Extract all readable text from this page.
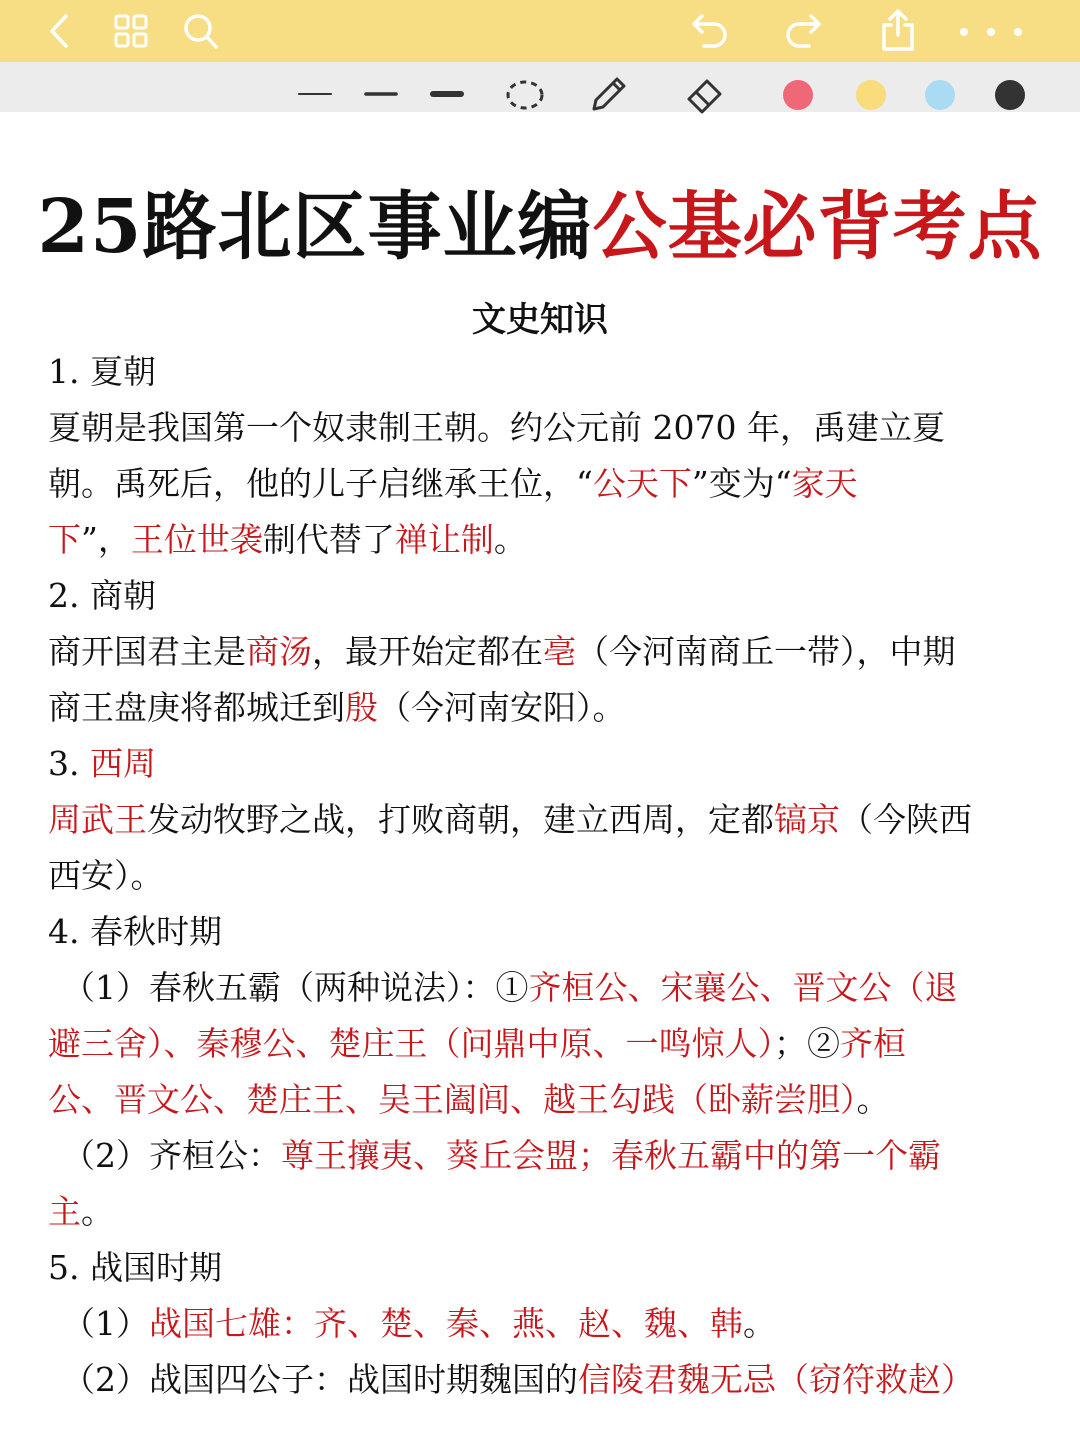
25路北区事业编公基必背考点
文史知识

1. 夏朝

夏朝是我国第一个奴隶制王朝。约公元前 2070 年，禹建立夏
朝。禹死后，他的儿子启继承王位，“公天下”变为“家天
下”，王位世袭制代替了禅让制。

2. 商朝

商开国君主是商汤，最开始定都在亳（今河南商丘一带），中期
商王盘庚将都城迁到殷（今河南安阳）。

3. 西周

周武王发动牧野之战，打败商朝，建立西周，定都镐京（今陕西
西安）。

4. 春秋时期

（1）春秋五霸（两种说法）：①齐桓公、宋襄公、晋文公（退

避三舍）、秦穆公、楚庄王（问鼎中原、一鸣惊人）；②齐桓
公、晋文公、楚庄王、吴王阖闾、越王勾践（卧薪尝胆）。

（2）齐桓公：尊王攘夷、葵丘会盟；春秋五霸中的第一个霸

主。

5. 战国时期

（1）战国七雄：齐、楚、秦、燕、赵、魏、韩。

（2）战国四公子：战国时期魏国的信陵君魏无忌（窃符救赵）
